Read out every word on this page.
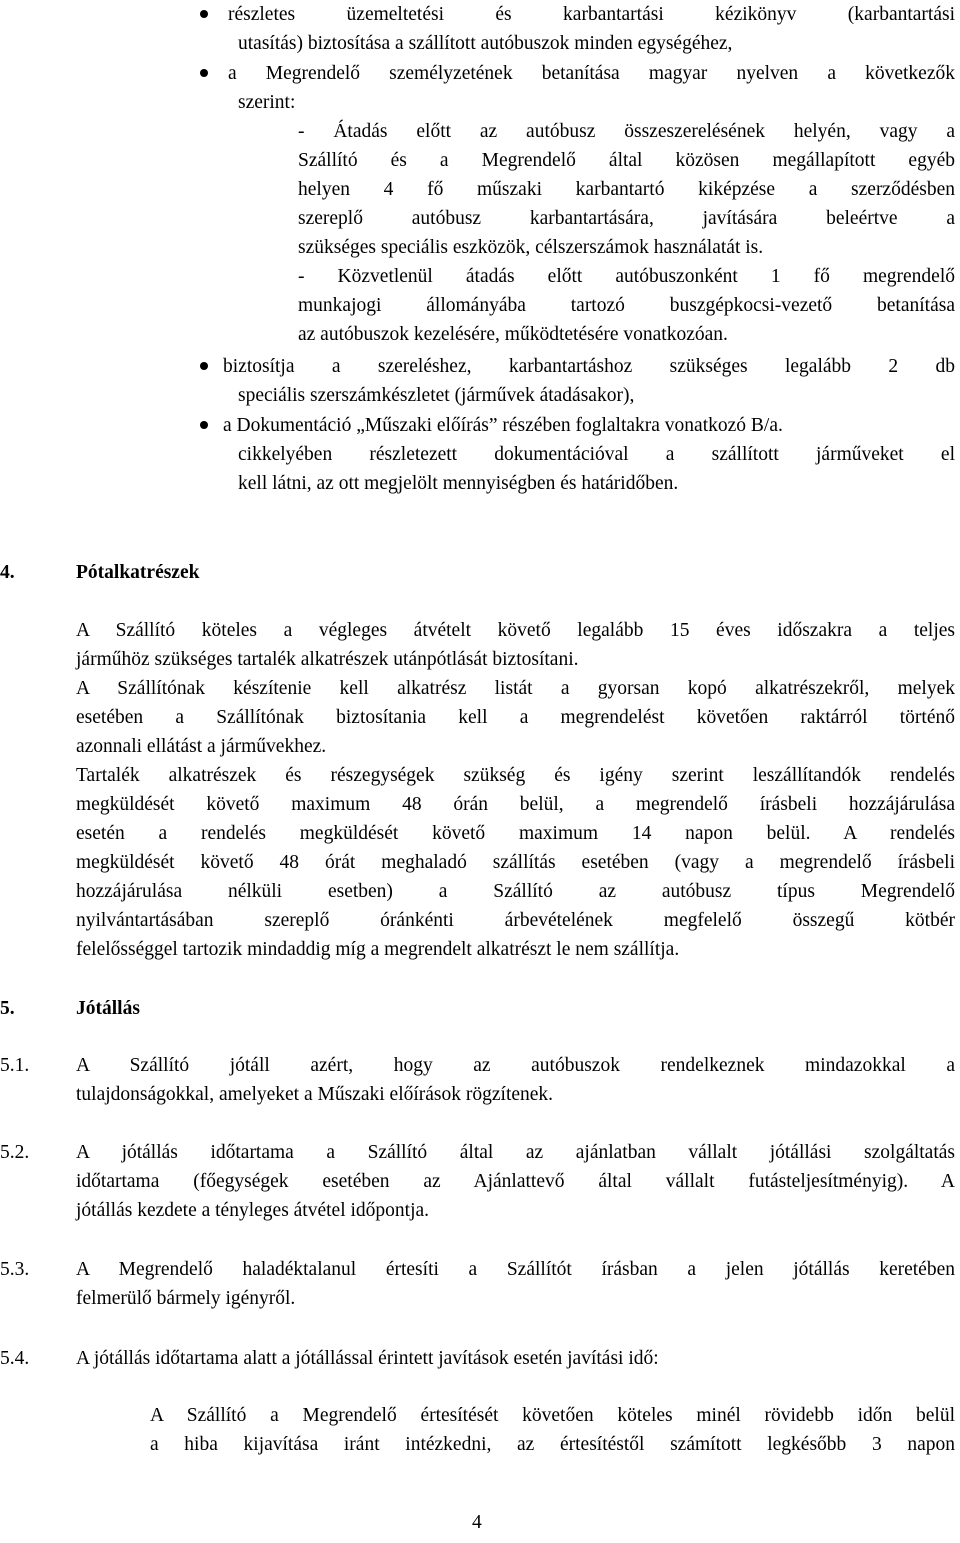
részletes üzemeltetési és karbantartási kézikönyv (karbantartási
utasítás) biztosítása a szállított autóbuszok minden egységéhez,
a Megrendelő személyzetének betanítása magyar nyelven a következők
szerint:
- Átadás előtt az autóbusz összeszerelésének helyén, vagy a
Szállító és a Megrendelő által közösen megállapított egyéb
helyen 4 fő műszaki karbantartó kiképzése a szerződésben
szereplő autóbusz karbantartására, javítására beleértve a
szükséges speciális eszközök, célszerszámok használatát is.
- Közvetlenül átadás előtt autóbuszonként 1 fő megrendelő
munkajogi állományába tartozó buszgépkocsi-vezető betanítása
az autóbuszok kezelésére, működtetésére vonatkozóan.
biztosítja a szereléshez, karbantartáshoz szükséges legalább 2 db
speciális szerszámkészletet (járművek átadásakor),
a Dokumentáció „Műszaki előírás” részében foglaltakra vonatkozó B/a.
cikkelyében részletezett dokumentációval a szállított járműveket el
kell látni, az ott megjelölt mennyiségben és határidőben.
4.	Pótalkatrészek
A Szállító köteles a végleges átvételt követő legalább 15 éves időszakra a teljes
járműhöz szükséges tartalék alkatrészek utánpótlását biztosítani.
A Szállítónak készítenie kell alkatrész listát a gyorsan kopó alkatrészekről, melyek
esetében a Szállítónak biztosítania kell a megrendelést követően raktárról történő
azonnali ellátást a járművekhez.
Tartalék alkatrészek és részegységek szükség és igény szerint leszállítandók rendelés
megküldését követő maximum 48 órán belül, a megrendelő írásbeli hozzájárulása
esetén a rendelés megküldését követő maximum 14 napon belül. A rendelés
megküldését követő 48 órát meghaladó szállítás esetében (vagy a megrendelő írásbeli
hozzájárulása nélküli esetben) a Szállító az autóbusz típus Megrendelő
nyilvántartásában szereplő óránkénti árbevételének megfelelő összegű kötbér
felelősséggel tartozik mindaddig míg a megrendelt alkatrészt le nem szállítja.
5.	Jótállás
5.1. A Szállító jótáll azért, hogy az autóbuszok rendelkeznek mindazokkal a
tulajdonságokkal, amelyeket a Műszaki előírások rögzítenek.
5.2. A jótállás időtartama a Szállító által az ajánlatban vállalt jótállási szolgáltatás
időtartama (főegységek esetében az Ajánlattevő által vállalt futásteljesítményig). A
jótállás kezdete a tényleges átvétel időpontja.
5.3. A Megrendelő haladéktalanul értesíti a Szállítót írásban a jelen jótállás keretében
felmerülő bármely igényről.
5.4. A jótállás időtartama alatt a jótállással érintett javítások esetén javítási idő:
A Szállító a Megrendelő értesítését követően köteles minél rövidebb időn belül
a hiba kijavítása iránt intézkedni, az értesítéstől számított legkésőbb 3 napon
4
